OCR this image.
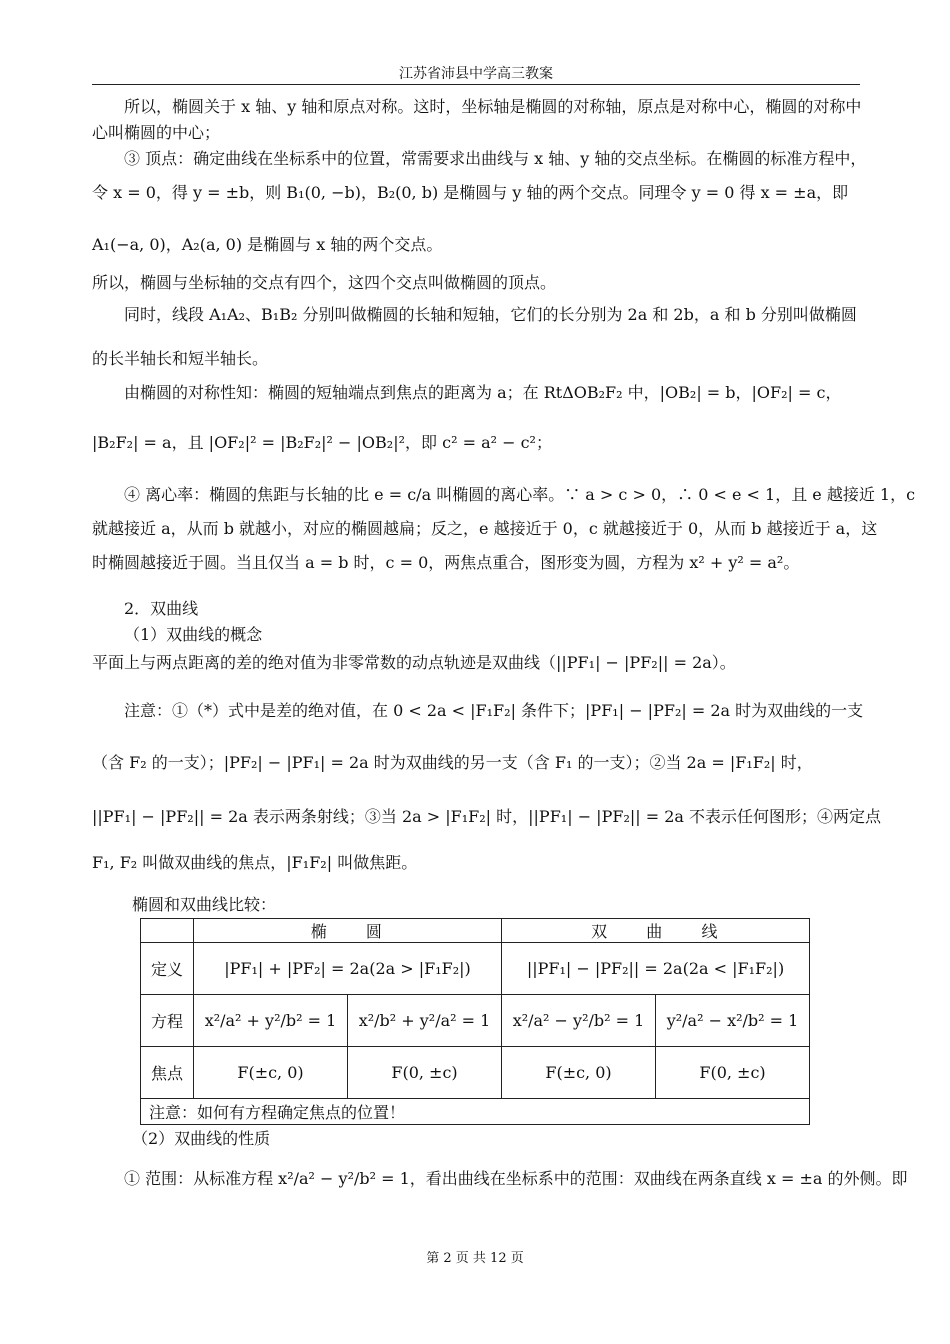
江苏省沛县中学高三教案
所以，椭圆关于 x 轴、y 轴和原点对称。这时，坐标轴是椭圆的对称轴，原点是对称中心，椭圆的对称中
心叫椭圆的中心；
③ 顶点：确定曲线在坐标系中的位置，常需要求出曲线与 x 轴、y 轴的交点坐标。在椭圆的标准方程中，
令 x = 0，得 y = ±b，则 B₁(0, −b)，B₂(0, b) 是椭圆与 y 轴的两个交点。同理令 y = 0 得 x = ±a，即
A₁(−a, 0)，A₂(a, 0) 是椭圆与 x 轴的两个交点。
所以，椭圆与坐标轴的交点有四个，这四个交点叫做椭圆的顶点。
同时，线段 A₁A₂、B₁B₂ 分别叫做椭圆的长轴和短轴，它们的长分别为 2a 和 2b，a 和 b 分别叫做椭圆
的长半轴长和短半轴长。
由椭圆的对称性知：椭圆的短轴端点到焦点的距离为 a；在 RtΔOB₂F₂ 中，|OB₂| = b，|OF₂| = c，
|B₂F₂| = a，且 |OF₂|² = |B₂F₂|² − |OB₂|²，即 c² = a² − c²；
④ 离心率：椭圆的焦距与长轴的比 e = c/a 叫椭圆的离心率。∵ a > c > 0，∴ 0 < e < 1，且 e 越接近 1，c
就越接近 a，从而 b 就越小，对应的椭圆越扁；反之，e 越接近于 0，c 就越接近于 0，从而 b 越接近于 a，这
时椭圆越接近于圆。当且仅当 a = b 时，c = 0，两焦点重合，图形变为圆，方程为 x² + y² = a²。
2．双曲线
（1）双曲线的概念
平面上与两点距离的差的绝对值为非零常数的动点轨迹是双曲线（||PF₁| − |PF₂|| = 2a）。
注意：①（*）式中是差的绝对值，在 0 < 2a < |F₁F₂| 条件下；|PF₁| − |PF₂| = 2a 时为双曲线的一支
（含 F₂ 的一支）；|PF₂| − |PF₁| = 2a 时为双曲线的另一支（含 F₁ 的一支）；②当 2a = |F₁F₂| 时，
||PF₁| − |PF₂|| = 2a 表示两条射线；③当 2a > |F₁F₂| 时，||PF₁| − |PF₂|| = 2a 不表示任何图形；④两定点
F₁, F₂ 叫做双曲线的焦点，|F₁F₂| 叫做焦距。
椭圆和双曲线比较：
	椭　　圆		双　　曲　　线	
定义	|PF₁| + |PF₂| = 2a(2a > |F₁F₂|)		||PF₁| − |PF₂|| = 2a(2a < |F₁F₂|)	
方程	x²/a² + y²/b² = 1	x²/b² + y²/a² = 1	x²/a² − y²/b² = 1	y²/a² − x²/b² = 1
焦点	F(±c, 0)	F(0, ±c)	F(±c, 0)	F(0, ±c)
注意：如何有方程确定焦点的位置！				
（2）双曲线的性质
① 范围：从标准方程 x²/a² − y²/b² = 1，看出曲线在坐标系中的范围：双曲线在两条直线 x = ±a 的外侧。即
第 2 页 共 12 页
